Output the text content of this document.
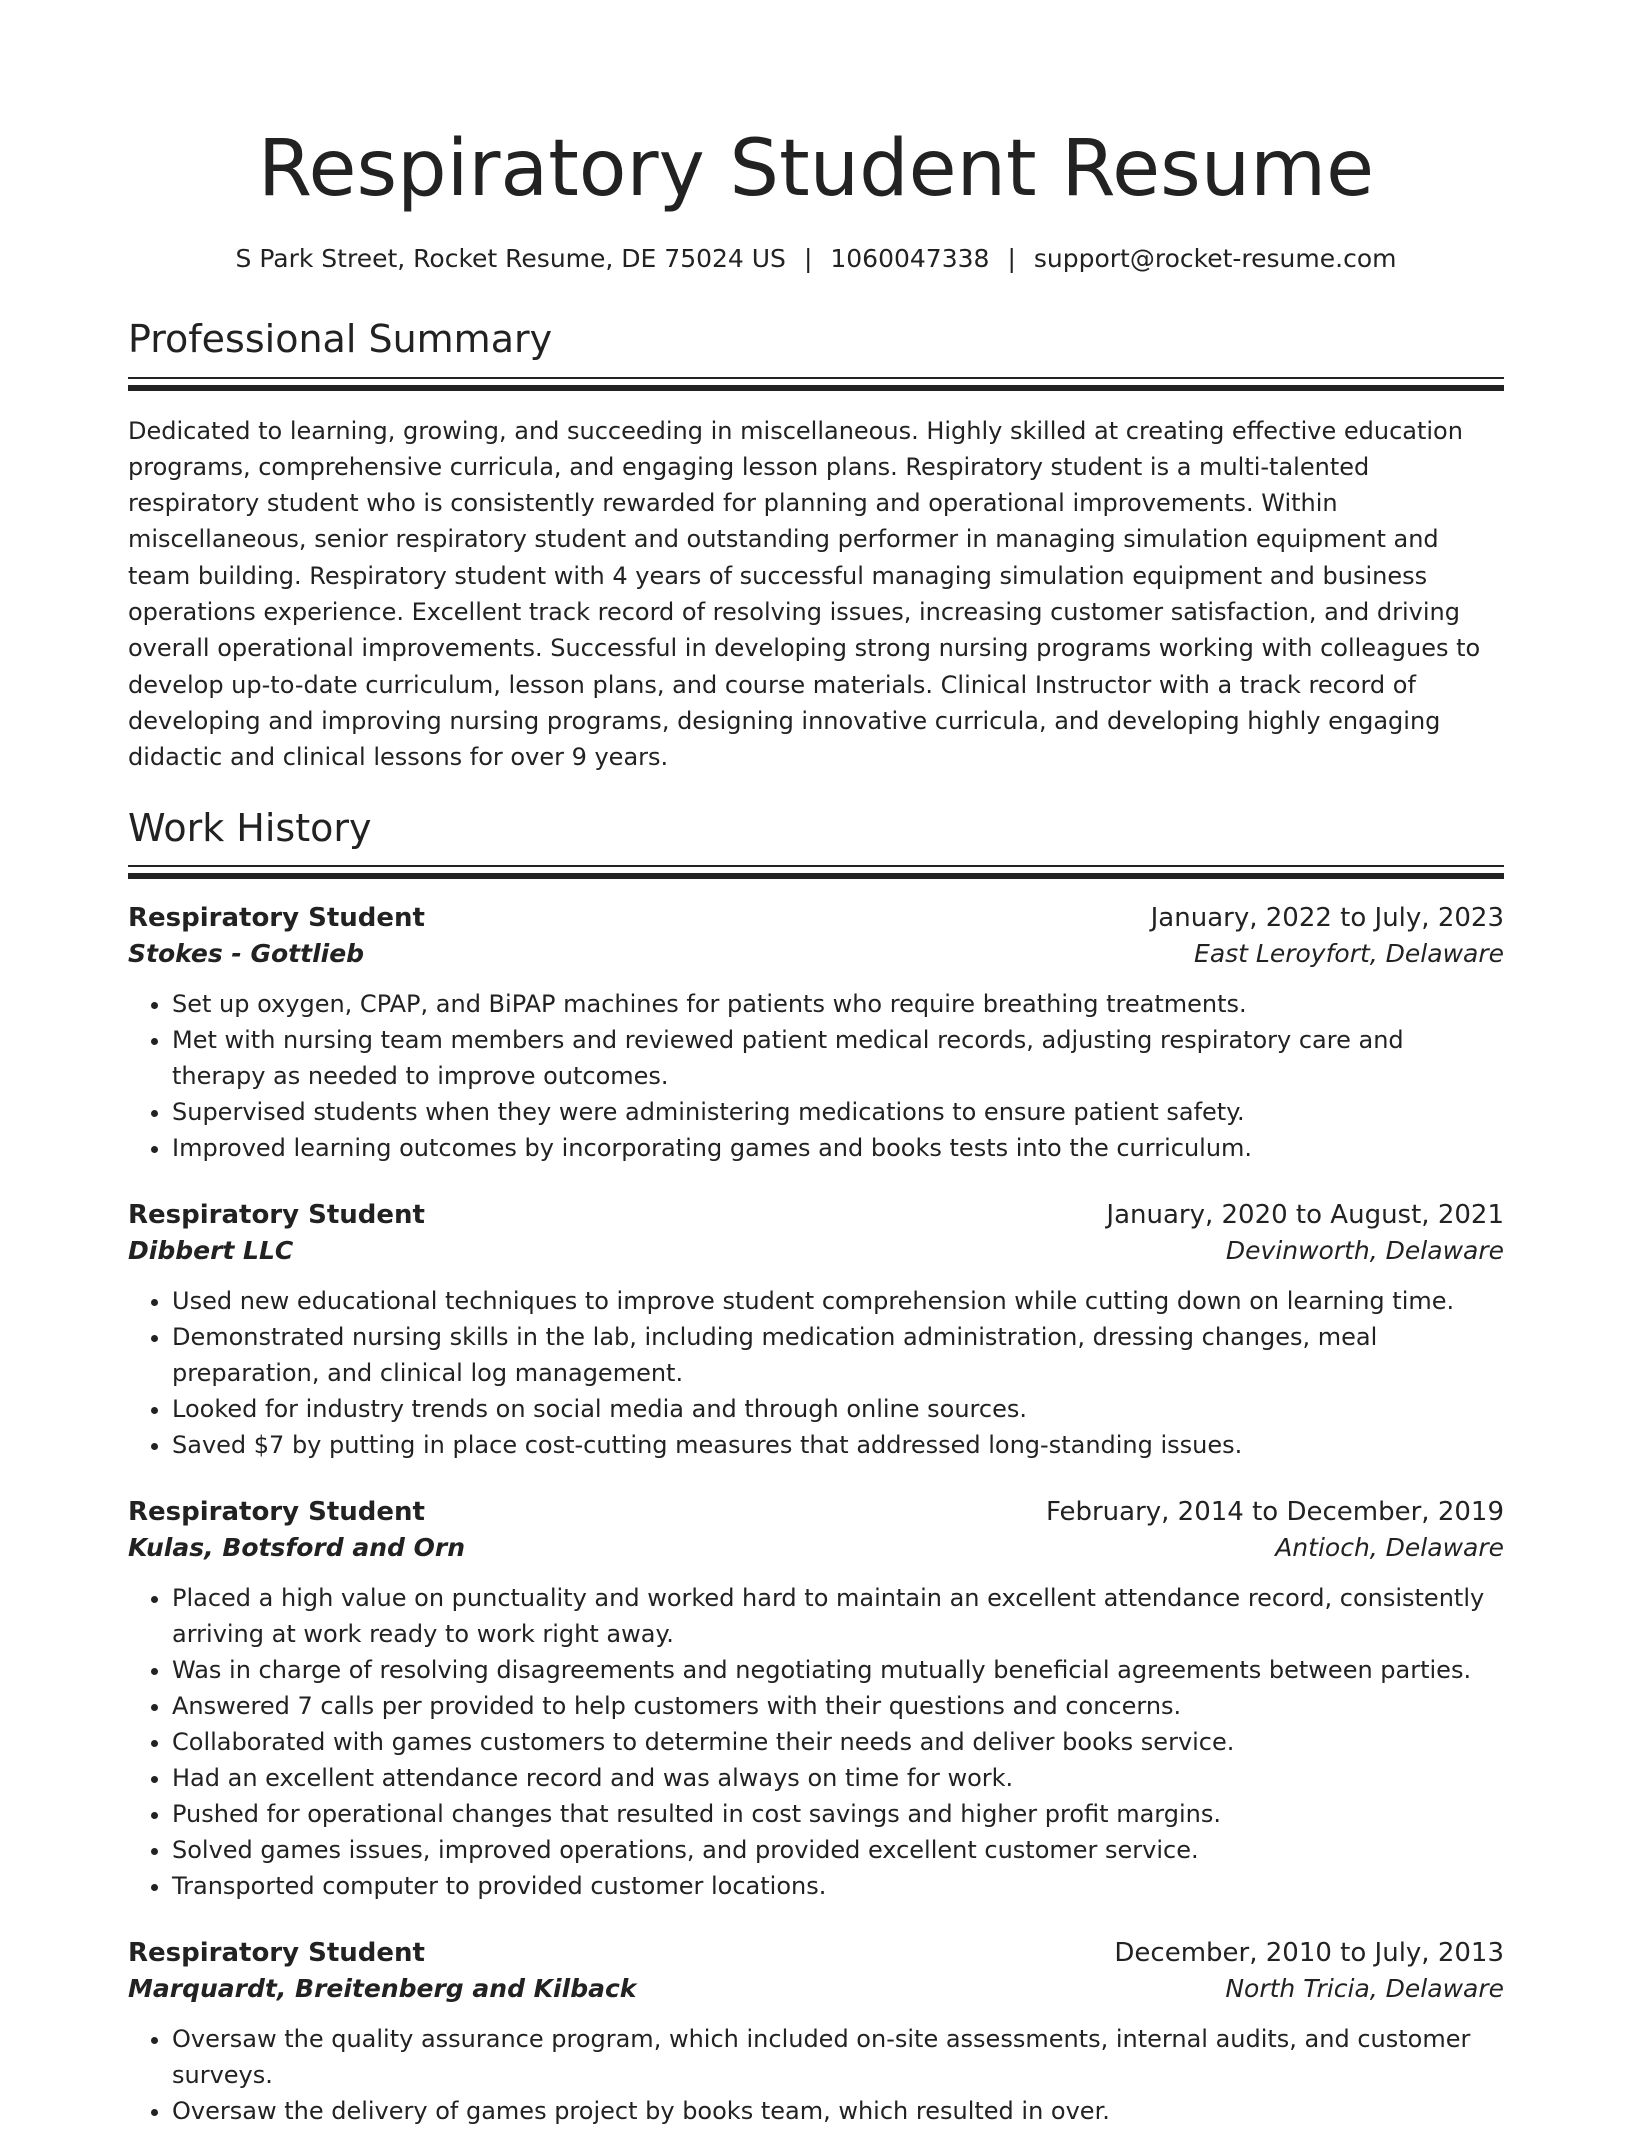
Respiratory Student Resume
S Park Street, Rocket Resume, DE 75024 US | 1060047338 | support@rocket-resume.com
Professional Summary

Dedicated to learning, growing, and succeeding in miscellaneous. Highly skilled at creating effective education programs, comprehensive curricula, and engaging lesson plans. Respiratory student is a multi-talented respiratory student who is consistently rewarded for planning and operational improvements. Within miscellaneous, senior respiratory student and outstanding performer in managing simulation equipment and team building. Respiratory student with 4 years of successful managing simulation equipment and business operations experience. Excellent track record of resolving issues, increasing customer satisfaction, and driving overall operational improvements. Successful in developing strong nursing programs working with colleagues to develop up-to-date curriculum, lesson plans, and course materials. Clinical Instructor with a track record of developing and improving nursing programs, designing innovative curricula, and developing highly engaging didactic and clinical lessons for over 9 years.

Work History
Respiratory Student	January, 2022 to July, 2023
Stokes - Gottlieb	East Leroyfort, Delaware
• Set up oxygen, CPAP, and BiPAP machines for patients who require breathing treatments.
• Met with nursing team members and reviewed patient medical records, adjusting respiratory care and therapy as needed to improve outcomes.
• Supervised students when they were administering medications to ensure patient safety.
• Improved learning outcomes by incorporating games and books tests into the curriculum.
Respiratory Student	January, 2020 to August, 2021
Dibbert LLC	Devinworth, Delaware
• Used new educational techniques to improve student comprehension while cutting down on learning time.
• Demonstrated nursing skills in the lab, including medication administration, dressing changes, meal preparation, and clinical log management.
• Looked for industry trends on social media and through online sources.
• Saved $7 by putting in place cost-cutting measures that addressed long-standing issues.
Respiratory Student	February, 2014 to December, 2019
Kulas, Botsford and Orn	Antioch, Delaware
• Placed a high value on punctuality and worked hard to maintain an excellent attendance record, consistently arriving at work ready to work right away.
• Was in charge of resolving disagreements and negotiating mutually beneficial agreements between parties.
• Answered 7 calls per provided to help customers with their questions and concerns.
• Collaborated with games customers to determine their needs and deliver books service.
• Had an excellent attendance record and was always on time for work.
• Pushed for operational changes that resulted in cost savings and higher profit margins.
• Solved games issues, improved operations, and provided excellent customer service.
• Transported computer to provided customer locations.
Respiratory Student	December, 2010 to July, 2013
Marquardt, Breitenberg and Kilback	North Tricia, Delaware
• Oversaw the quality assurance program, which included on-site assessments, internal audits, and customer surveys.
• Oversaw the delivery of games project by books team, which resulted in over.
